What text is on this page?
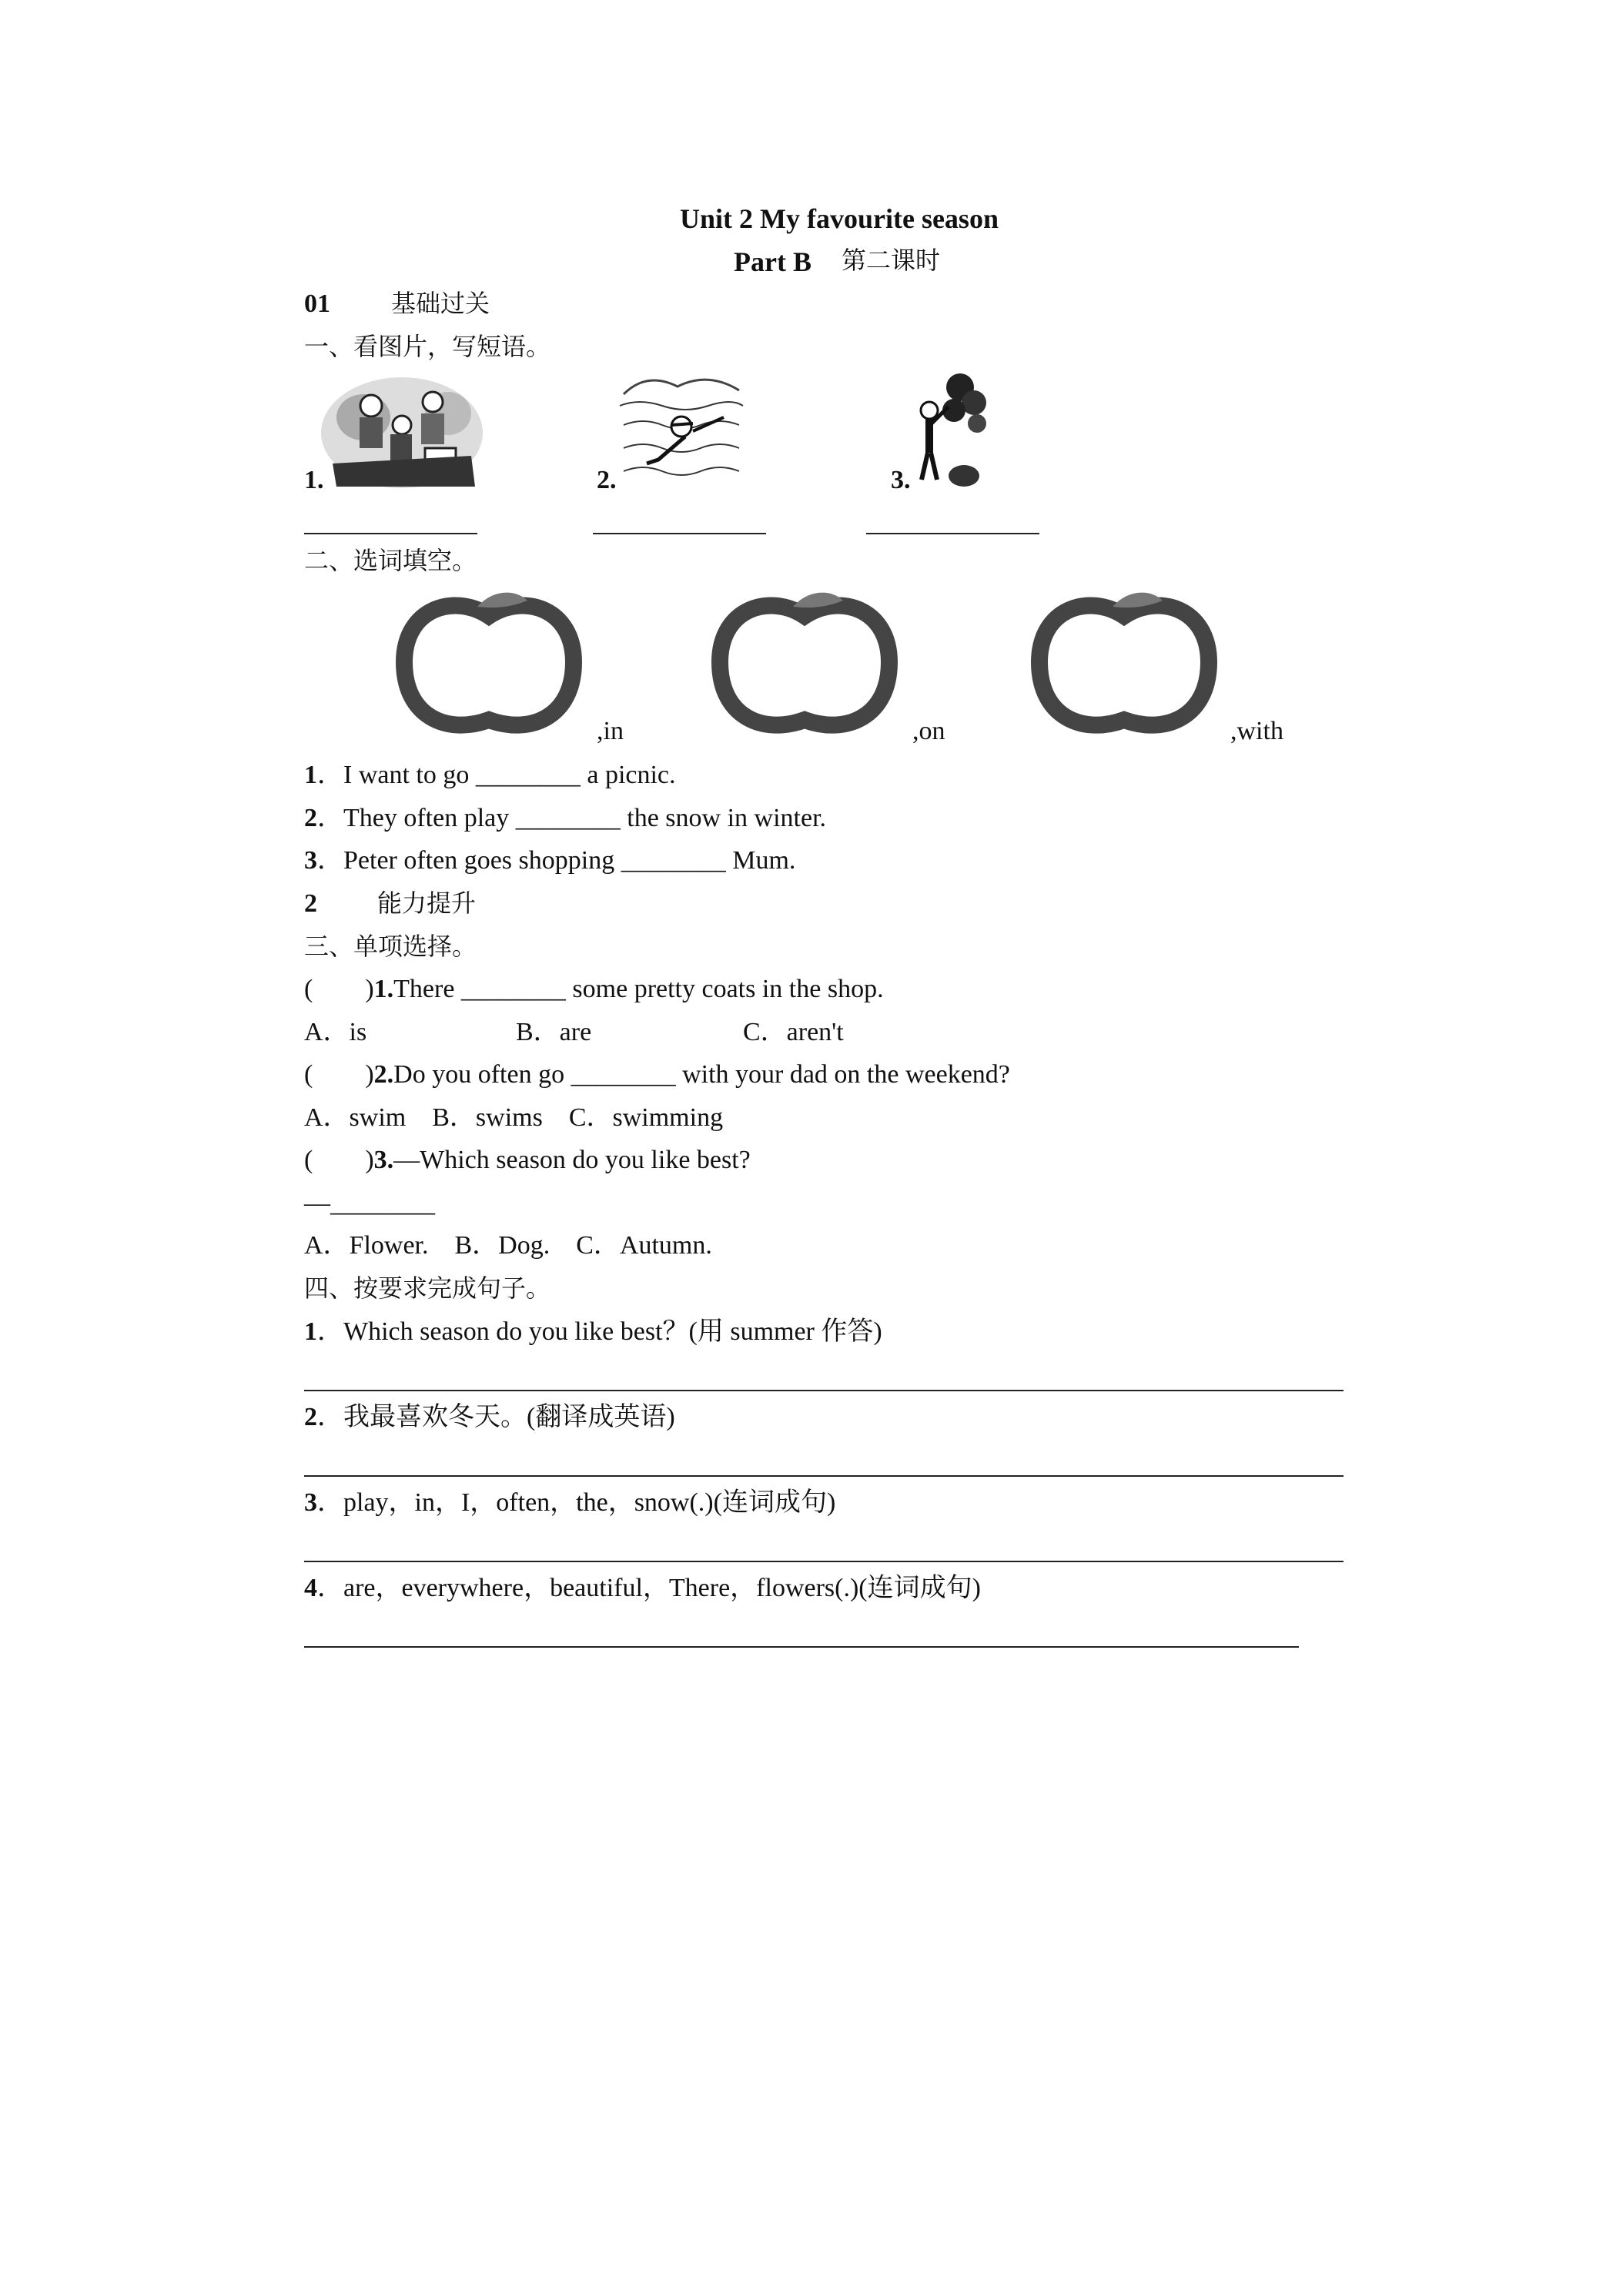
Unit 2 My favourite season
Part B 第二课时
01 基础过关
一、看图片，写短语。
1.	2.	3.
二、选词填空。
,in	,on	,with
1．I want to go ________ a picnic.
2．They often play ________ the snow in winter.
3．Peter often goes shopping ________ Mum.
2 能力提升
三、单项选择。
(　　)1.There ________ some pretty coats in the shop.
A．is	B．are	C．aren't
(　　)2.Do you often go ________ with your dad on the weekend?
A．swim　B．swims　C．swimming
(　　)3.—Which season do you like best?
—________
A．Flower.　B．Dog.　C．Autumn.
四、按要求完成句子。
1．Which season do you like best？(用 summer 作答)
2．我最喜欢冬天。(翻译成英语)
3．play，in，I，often，the，snow(.)(连词成句)
4．are，everywhere，beautiful，There，flowers(.)(连词成句)
